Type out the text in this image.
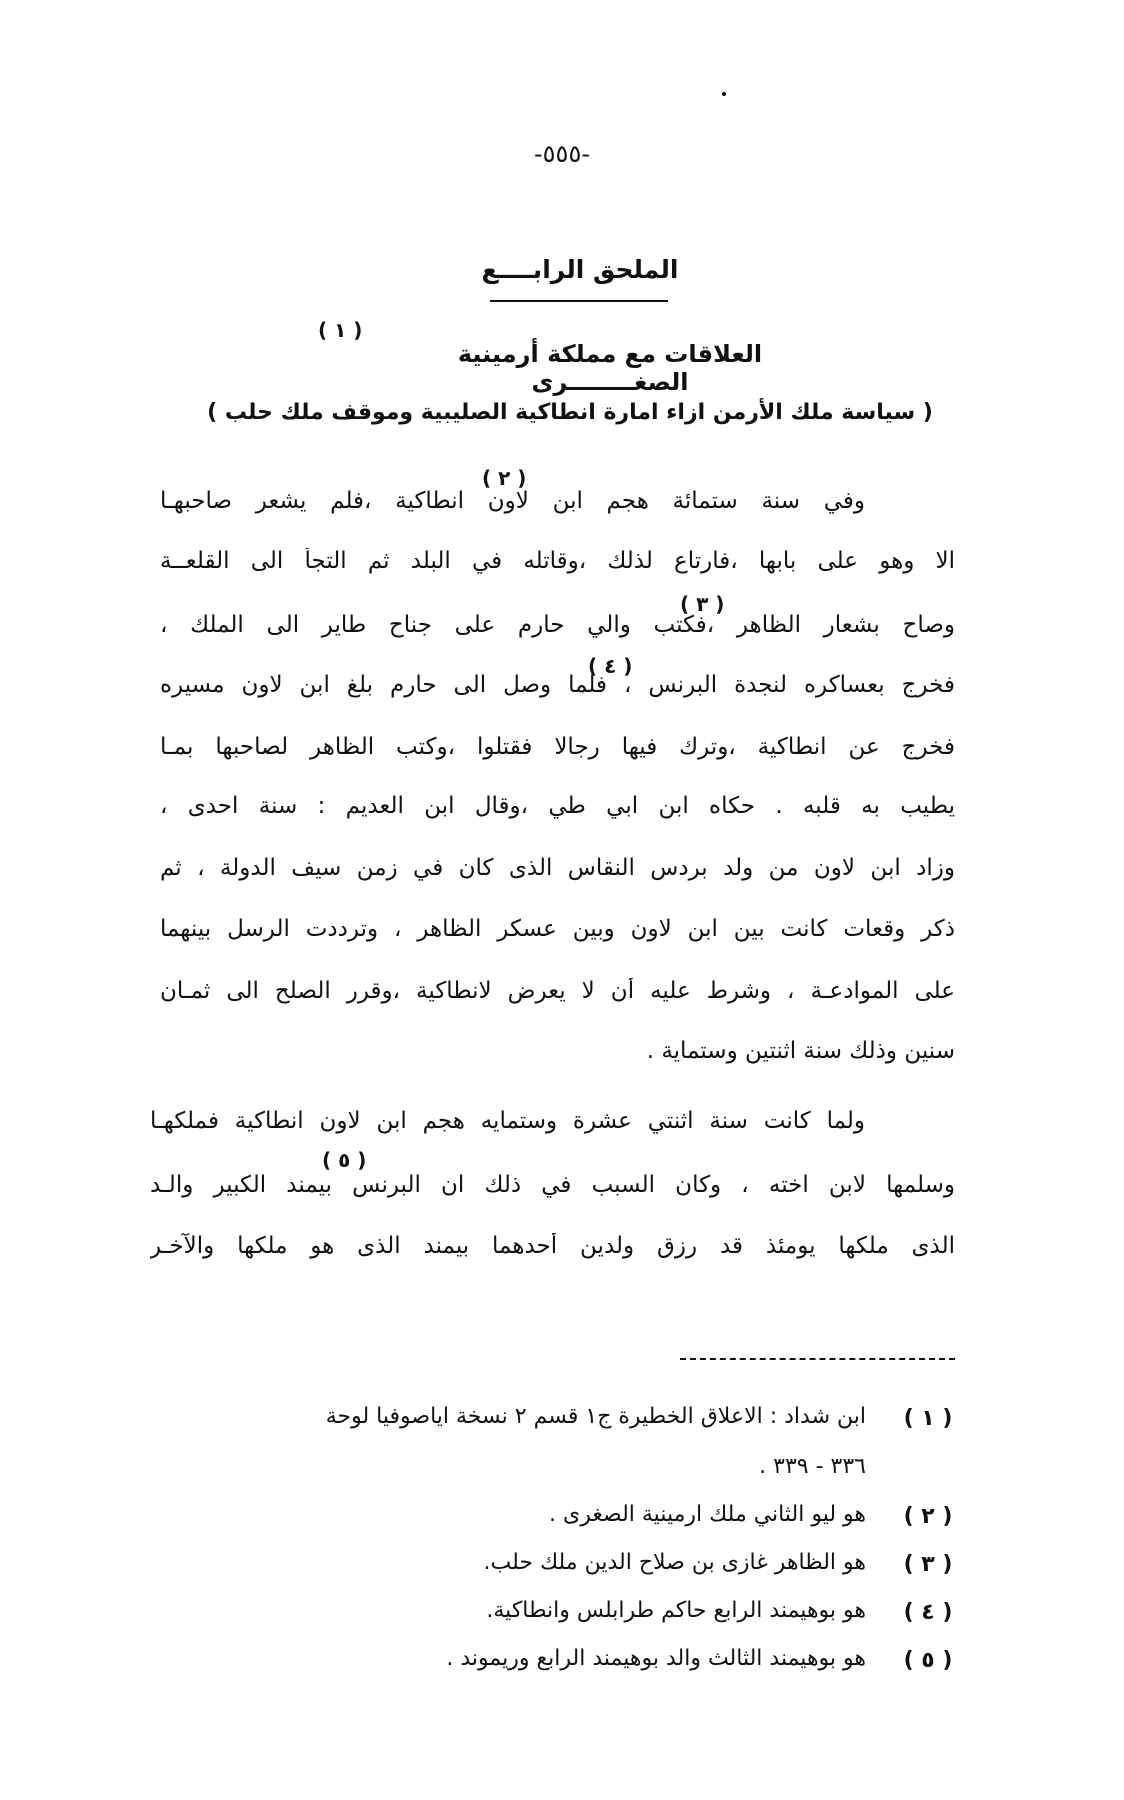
-٥٥٥-
الملحق الرابــــع
( ١ )
العلاقات مع مملكة أرمينية الصغــــــــرى
( سياسة ملك الأرمن ازاء امارة انطاكية الصليبية وموقف ملك حلب )
وفي سنة ستمائة هجم ابن لاون انطاكية ،فلم يشعر صاحبهـا
الا وهو على بابها ،فارتاع لذلك ،وقاتله في البلد ثم التجأ الى القلعــة
وصاح بشعار الظاهر ،فكتب والي حارم على جناح طاير الى الملك ،
فخرج بعساكره لنجدة البرنس ، فلما وصل الى حارم بلغ ابن لاون مسيره
فخرج عن انطاكية ،وترك فيها رجالا فقتلوا ،وكتب الظاهر لصاحبها بمـا
يطيب به قلبه . حكاه ابن ابي طي ،وقال ابن العديم : سنة احدى ،
وزاد ابن لاون من ولد بردس النقاس الذى كان في زمن سيف الدولة ، ثم
ذكر وقعات كانت بين ابن لاون وبين عسكر الظاهر ، وترددت الرسل بينهما
على الموادعـة ، وشرط عليه أن لا يعرض لانطاكية ،وقرر الصلح الى ثمـان
سنين وذلك سنة اثنتين وستماية .
( ٢ )
( ٣ )
( ٤ )
ولما كانت سنة اثنتي عشرة وستمايه هجم ابن لاون انطاكية فملكهـا
وسلمها لابن اخته ، وكان السبب في ذلك ان البرنس بيمند الكبير والـد
الذى ملكها يومئذ قد رزق ولدين أحدهما بيمند الذى هو ملكها والآخـر
( ٥ )
( ١ )
ابن شداد : الاعلاق الخطيرة ج١ قسم ٢ نسخة اياصوفيا لوحة
٣٣٦ - ٣٣٩ .
( ٢ )
هو ليو الثاني ملك ارمينية الصغرى .
( ٣ )
هو الظاهر غازى بن صلاح الدين ملك حلب.
( ٤ )
هو بوهيمند الرابع حاكم طرابلس وانطاكية.
( ٥ )
هو بوهيمند الثالث والد بوهيمند الرابع وريموند .
